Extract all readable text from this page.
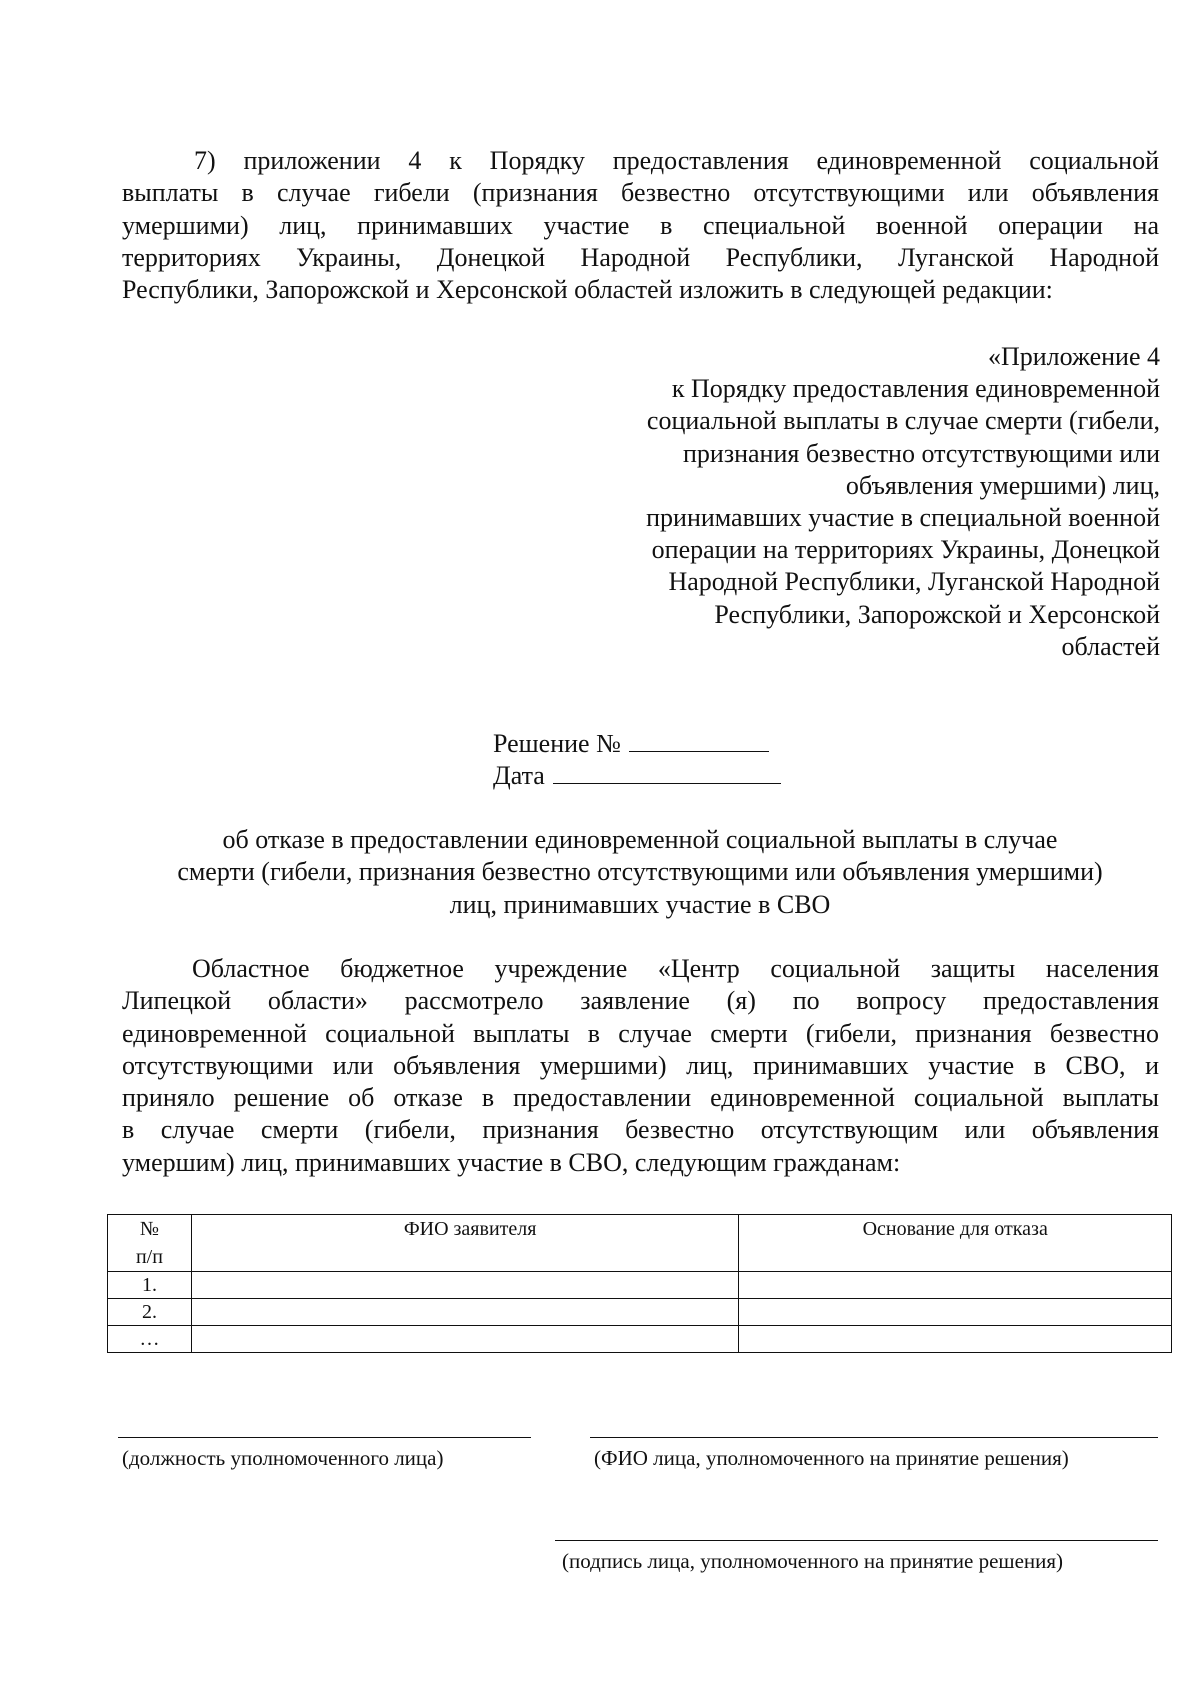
7) приложении 4 к Порядку предоставления единовременной социальной
выплаты в случае гибели (признания безвестно отсутствующими или объявления
умершими) лиц, принимавших участие в специальной военной операции на
территориях Украины, Донецкой Народной Республики, Луганской Народной
Республики, Запорожской и Херсонской областей изложить в следующей редакции:
«Приложение 4
к Порядку предоставления единовременной
социальной выплаты в случае смерти (гибели,
признания безвестно отсутствующими или
объявления умершими) лиц,
принимавших участие в специальной военной
операции на территориях Украины, Донецкой
Народной Республики, Луганской Народной
Республики, Запорожской и Херсонской
областей
Решение №
Дата
об отказе в предоставлении единовременной социальной выплаты в случае
смерти (гибели, признания безвестно отсутствующими или объявления умершими)
лиц, принимавших участие в СВО
Областное бюджетное учреждение «Центр социальной защиты населения
Липецкой области» рассмотрело заявление (я) по вопросу предоставления
единовременной социальной выплаты в случае смерти (гибели, признания безвестно
отсутствующими или объявления умершими) лиц, принимавших участие в СВО, и
приняло решение об отказе в предоставлении единовременной социальной выплаты
в случае смерти (гибели, признания безвестно отсутствующим или объявления
умершим) лиц, принимавших участие в СВО, следующим гражданам:
№
п/п	ФИО заявителя	Основание для отказа
1.		
2.		
…		
(должность уполномоченного лица)	(ФИО лица, уполномоченного на принятие решения)
(подпись лица, уполномоченного на принятие решения)
